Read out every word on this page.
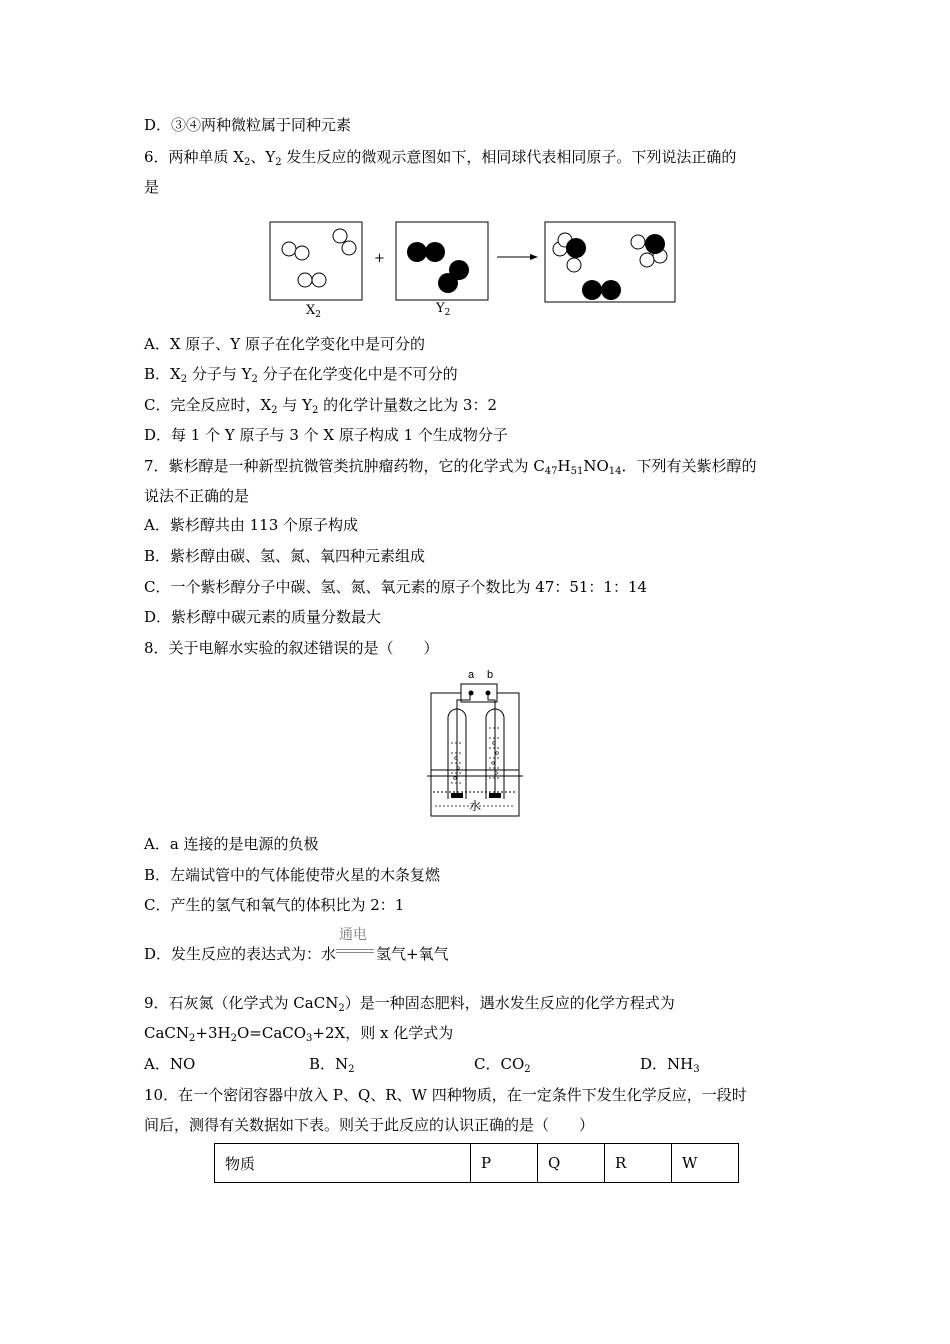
D．③④两种微粒属于同种元素
6．两种单质 $X_2$、$Y_2$ 发生反应的微观示意图如下，相同球代表相同原子。下列说法正确的
是
+
$X_2$	$Y_2$
A．X 原子、Y 原子在化学变化中是可分的
B．$X_2$ 分子与 $Y_2$ 分子在化学变化中是不可分的
C．完全反应时，$X_2$ 与 $Y_2$ 的化学计量数之比为 3：2
D．每 1 个 Y 原子与 3 个 X 原子构成 1 个生成物分子
7．紫杉醇是一种新型抗微管类抗肿瘤药物，它的化学式为 $C_{47}H_{51}NO_{14}$．下列有关紫杉醇的
说法不正确的是
A．紫杉醇共由 113 个原子构成
B．紫杉醇由碳、氢、氮、氧四种元素组成
C．一个紫杉醇分子中碳、氢、氮、氧元素的原子个数比为 47：51：1：14
D．紫杉醇中碳元素的质量分数最大
8．关于电解水实验的叙述错误的是（　　）
a b
水
A．a 连接的是电源的负极
B．左端试管中的气体能使带火星的木条复燃
C．产生的氢气和氧气的体积比为 2：1
D．发生反应的表达式为：水
通电
氢气+氧气
9．石灰氮（化学式为 CaCN$_2$）是一种固态肥料，遇水发生反应的化学方程式为
$CaCN_2+3H_2O=CaCO_3+2X$，则 x 化学式为
A．NO	B．$N_2$	C．$CO_2$	D．$NH_3$
10．在一个密闭容器中放入 P、Q、R、W 四种物质，在一定条件下发生化学反应，一段时
间后，测得有关数据如下表。则关于此反应的认识正确的是（　　）
物质	P	Q	R	W
